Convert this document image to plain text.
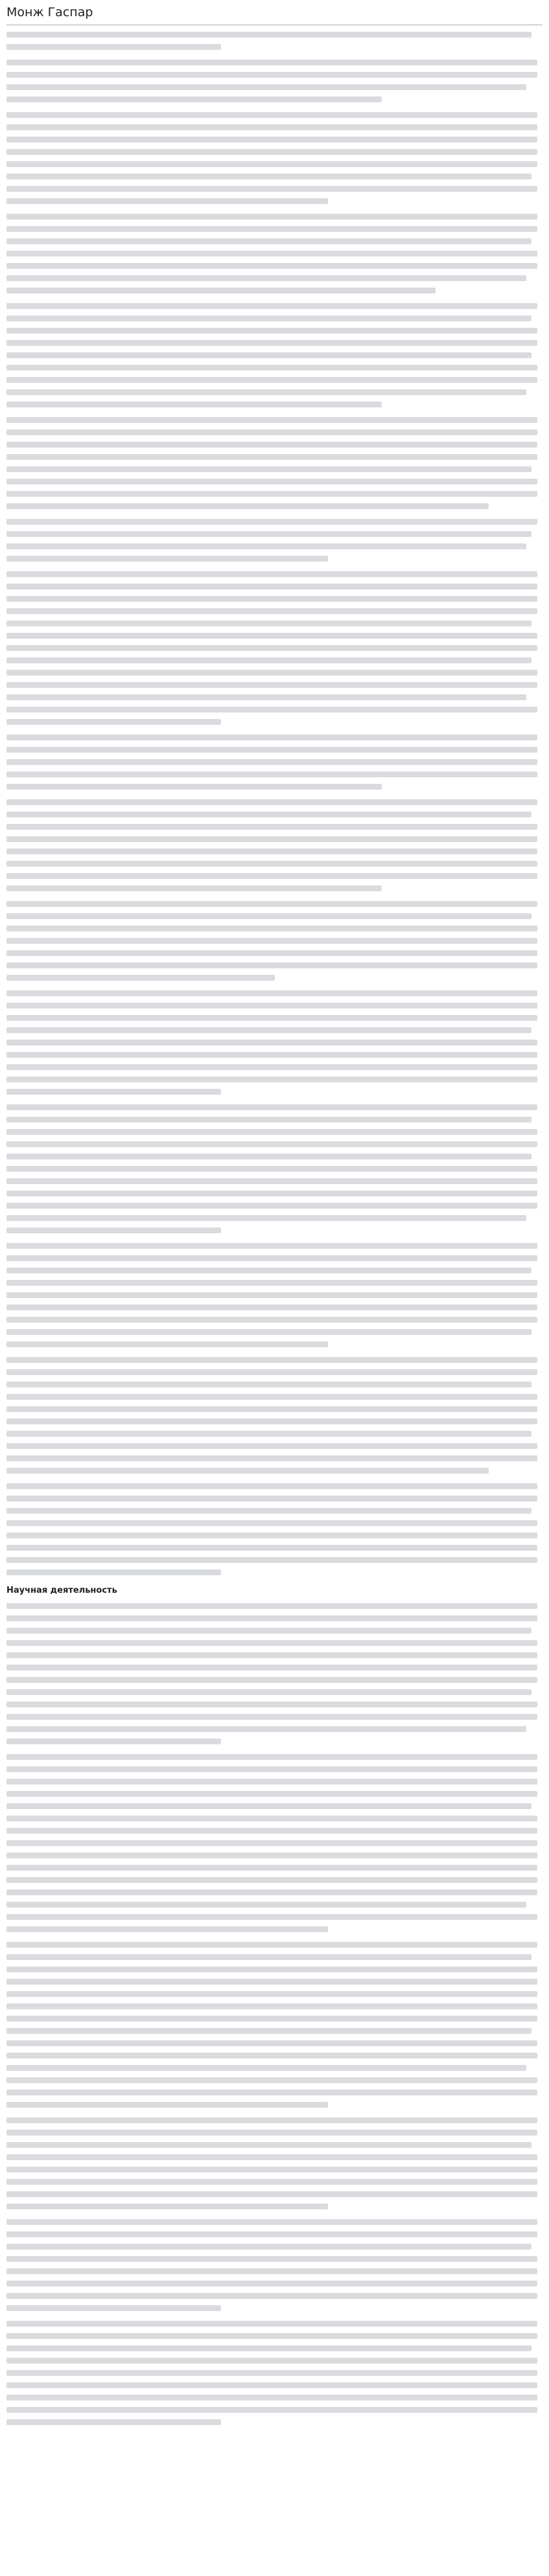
Монж Гаспар
Научная деятельность
